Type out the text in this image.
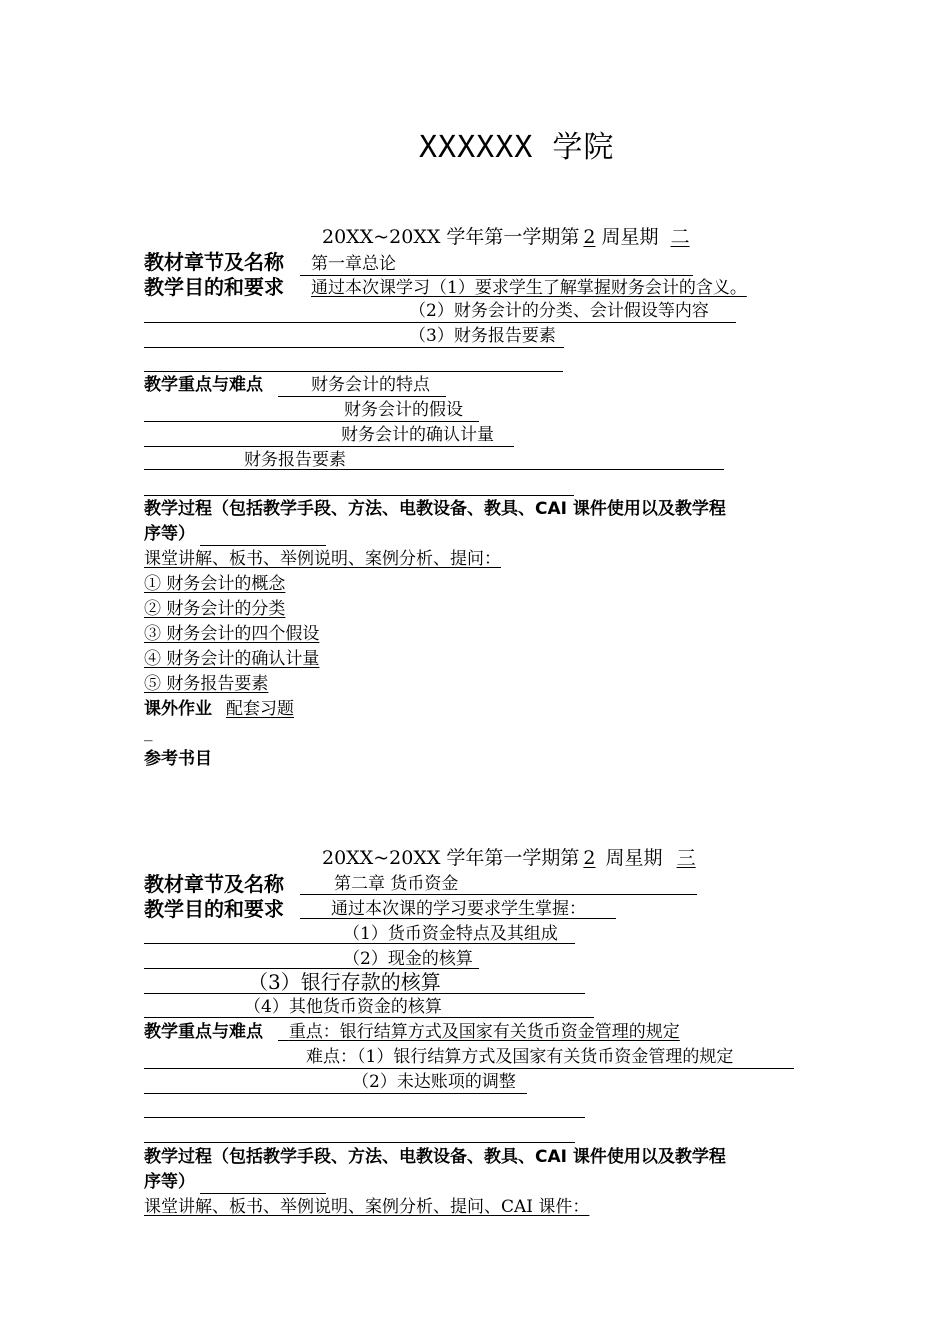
XXXXXX 学院
20XX~20XX 学年第一学期第 2 周星期 二
教材章节及名称 第一章总论
教学目的和要求 通过本次课学习（1）要求学生了解掌握财务会计的含义。
（2）财务会计的分类、会计假设等内容
（3）财务报告要素
教学重点与难点	财务会计的特点
财务会计的假设
财务会计的确认计量
财务报告要素
教学过程（包括教学手段、方法、电教设备、教具、CAI 课件使用以及教学程
序等）
课堂讲解、板书、举例说明、案例分析、提问：
① 财务会计的概念
② 财务会计的分类
③ 财务会计的四个假设
④ 财务会计的确认计量
⑤ 财务报告要素
课外作业 配套习题
_
参考书目
20XX~20XX 学年第一学期第 2 周星期 三
教材章节及名称	第二章 货币资金
教学目的和要求	通过本次课的学习要求学生掌握：
（1）货币资金特点及其组成
（2）现金的核算
（3）银行存款的核算
（4）其他货币资金的核算
教学重点与难点	重点：银行结算方式及国家有关货币资金管理的规定
难点：（1）银行结算方式及国家有关货币资金管理的规定
（2）未达账项的调整
教学过程（包括教学手段、方法、电教设备、教具、CAI 课件使用以及教学程
序等）
课堂讲解、板书、举例说明、案例分析、提问、CAI 课件：
